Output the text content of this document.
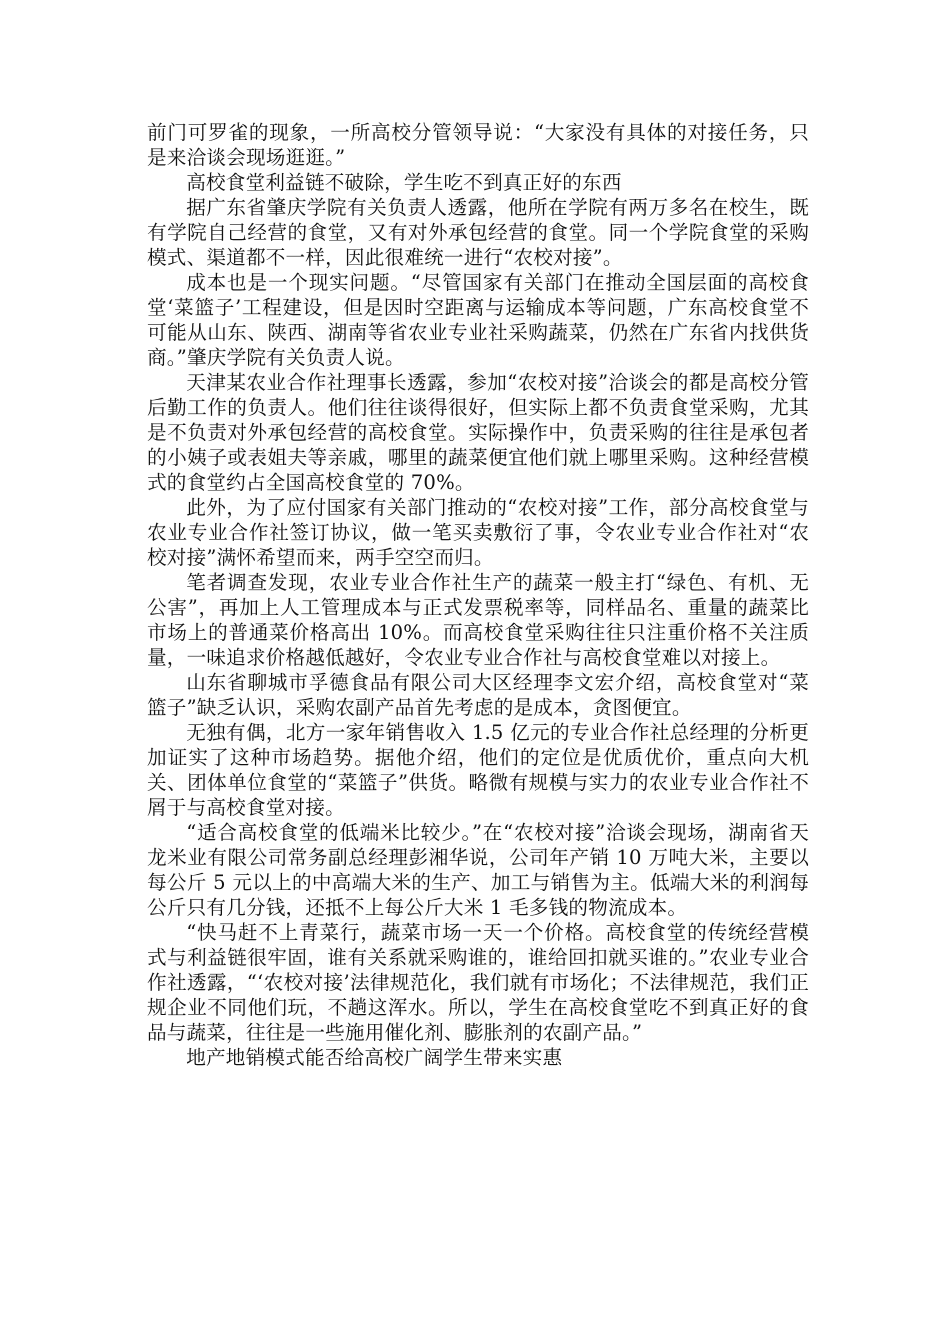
前门可罗雀的现象，一所高校分管领导说：“大家没有具体的对接任务，只是来洽谈会现场逛逛。”

高校食堂利益链不破除，学生吃不到真正好的东西

据广东省肇庆学院有关负责人透露，他所在学院有两万多名在校生，既有学院自己经营的食堂，又有对外承包经营的食堂。同一个学院食堂的采购模式、渠道都不一样，因此很难统一进行“农校对接”。

成本也是一个现实问题。“尽管国家有关部门在推动全国层面的高校食堂‘菜篮子’工程建设，但是因时空距离与运输成本等问题，广东高校食堂不可能从山东、陕西、湖南等省农业专业社采购蔬菜，仍然在广东省内找供货商。”肇庆学院有关负责人说。

天津某农业合作社理事长透露，参加“农校对接”洽谈会的都是高校分管后勤工作的负责人。他们往往谈得很好，但实际上都不负责食堂采购，尤其是不负责对外承包经营的高校食堂。实际操作中，负责采购的往往是承包者的小姨子或表姐夫等亲戚，哪里的蔬菜便宜他们就上哪里采购。这种经营模式的食堂约占全国高校食堂的 70%。

此外，为了应付国家有关部门推动的“农校对接”工作，部分高校食堂与农业专业合作社签订协议，做一笔买卖敷衍了事，令农业专业合作社对“农校对接”满怀希望而来，两手空空而归。

笔者调查发现，农业专业合作社生产的蔬菜一般主打“绿色、有机、无公害”，再加上人工管理成本与正式发票税率等，同样品名、重量的蔬菜比市场上的普通菜价格高出 10%。而高校食堂采购往往只注重价格不关注质量，一味追求价格越低越好，令农业专业合作社与高校食堂难以对接上。

山东省聊城市孚德食品有限公司大区经理李文宏介绍，高校食堂对“菜篮子”缺乏认识，采购农副产品首先考虑的是成本，贪图便宜。

无独有偶，北方一家年销售收入 1.5 亿元的专业合作社总经理的分析更加证实了这种市场趋势。据他介绍，他们的定位是优质优价，重点向大机关、团体单位食堂的“菜篮子”供货。略微有规模与实力的农业专业合作社不屑于与高校食堂对接。

“适合高校食堂的低端米比较少。”在“农校对接”洽谈会现场，湖南省天龙米业有限公司常务副总经理彭湘华说，公司年产销 10 万吨大米，主要以每公斤 5 元以上的中高端大米的生产、加工与销售为主。低端大米的利润每公斤只有几分钱，还抵不上每公斤大米 1 毛多钱的物流成本。

“快马赶不上青菜行，蔬菜市场一天一个价格。高校食堂的传统经营模式与利益链很牢固，谁有关系就采购谁的，谁给回扣就买谁的。”农业专业合作社透露，“‘农校对接’法律规范化，我们就有市场化；不法律规范，我们正规企业不同他们玩，不趟这浑水。所以，学生在高校食堂吃不到真正好的食品与蔬菜，往往是一些施用催化剂、膨胀剂的农副产品。”

地产地销模式能否给高校广阔学生带来实惠
